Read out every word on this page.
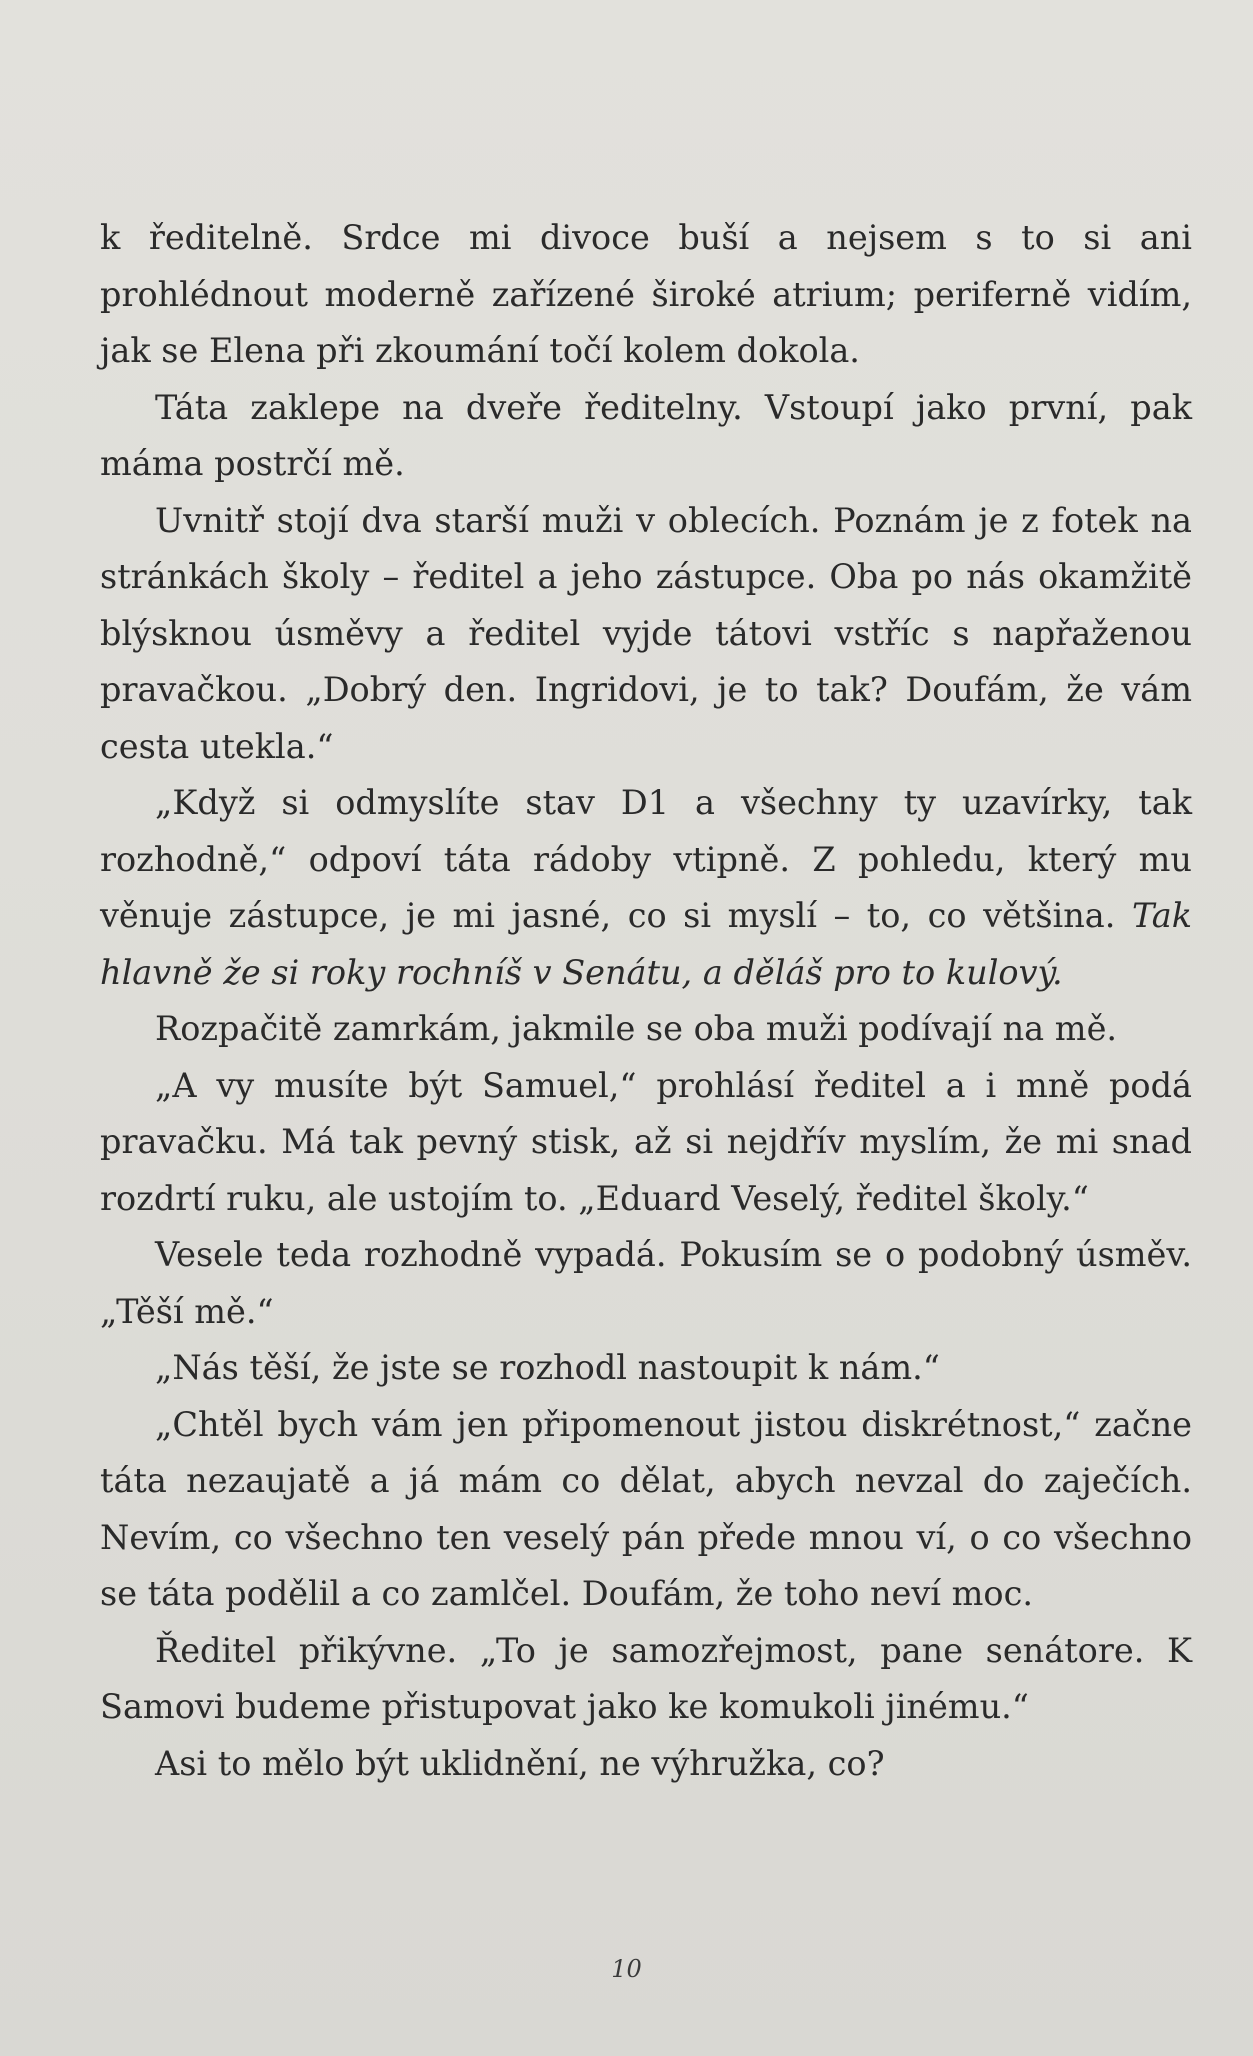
k ředitelně. Srdce mi divoce buší a nejsem s to si ani prohlédnout moderně zařízené široké atrium; periferně vidím, jak se Elena při zkoumání točí kolem dokola.

Táta zaklepe na dveře ředitelny. Vstoupí jako první, pak máma postrčí mě.

Uvnitř stojí dva starší muži v oblecích. Poznám je z fotek na stránkách školy – ředitel a jeho zástupce. Oba po nás okamžitě blýsknou úsměvy a ředitel vyjde tátovi vstříc s napřaženou pravačkou. „Dobrý den. Ingridovi, je to tak? Doufám, že vám cesta utekla.“

„Když si odmyslíte stav D1 a všechny ty uzavírky, tak rozhodně,“ odpoví táta rádoby vtipně. Z pohledu, který mu věnuje zástupce, je mi jasné, co si myslí – to, co většina. Tak hlavně že si roky rochníš v Senátu, a děláš pro to kulový.

Rozpačitě zamrkám, jakmile se oba muži podívají na mě.

„A vy musíte být Samuel,“ prohlásí ředitel a i mně podá pravačku. Má tak pevný stisk, až si nejdřív myslím, že mi snad rozdrtí ruku, ale ustojím to. „Eduard Veselý, ředitel školy.“

Vesele teda rozhodně vypadá. Pokusím se o podobný úsměv. „Těší mě.“

„Nás těší, že jste se rozhodl nastoupit k nám.“

„Chtěl bych vám jen připomenout jistou diskrétnost,“ začne táta nezaujatě a já mám co dělat, abych nevzal do zaječích. Nevím, co všechno ten veselý pán přede mnou ví, o co všechno se táta podělil a co zamlčel. Doufám, že toho neví moc.

Ředitel přikývne. „To je samozřejmost, pane senátore. K Samovi budeme přistupovat jako ke komukoli jinému.“

Asi to mělo být uklidnění, ne výhružka, co?

10
